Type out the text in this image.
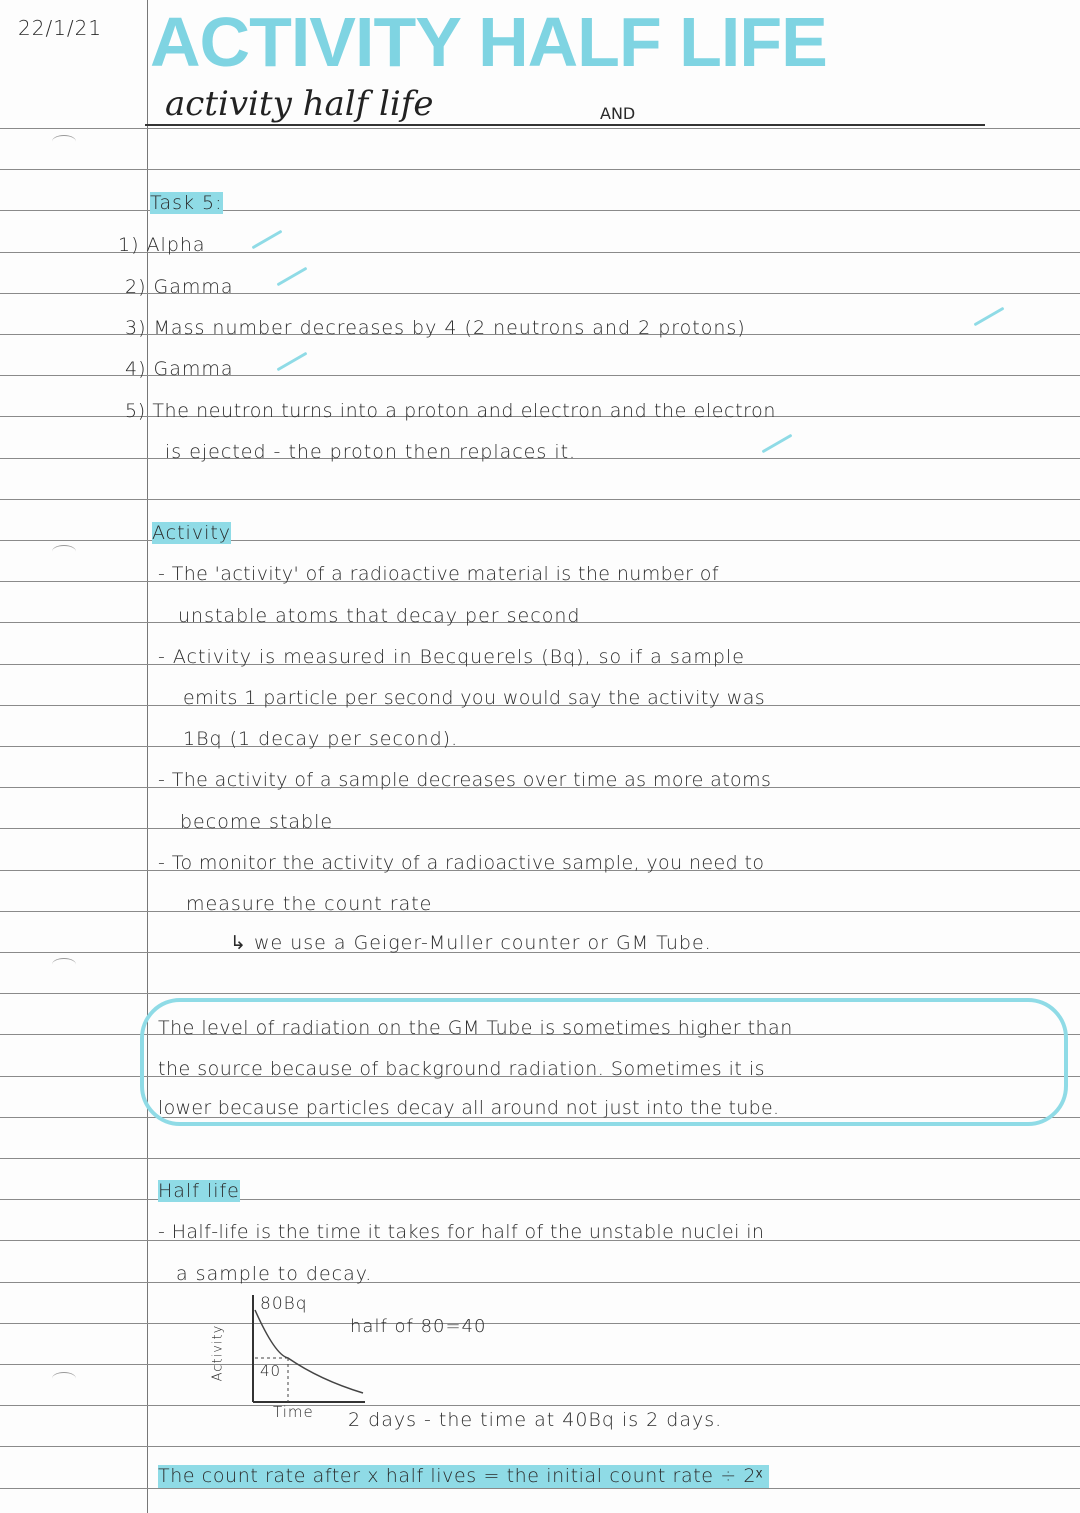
22/1/21 ACTIVITY HALF LIFE
activity half life	AND
Task 5:
1) Alpha
2) Gamma
3) Mass number decreases by 4 (2 neutrons and 2 protons)
4) Gamma
5) The neutron turns into a proton and electron and the electron
is ejected - the proton then replaces it.
Activity
- The 'activity' of a radioactive material is the number of
unstable atoms that decay per second
- Activity is measured in Becquerels (Bq), so if a sample
emits 1 particle per second you would say the activity was
1Bq (1 decay per second).
- The activity of a sample decreases over time as more atoms
become stable
- To monitor the activity of a radioactive sample, you need to
measure the count rate
↳ we use a Geiger-Muller counter or GM Tube.
The level of radiation on the GM Tube is sometimes higher than
the source because of background radiation. Sometimes it is
lower because particles decay all around not just into the tube.
Half life
- Half-life is the time it takes for half of the unstable nuclei in
a sample to decay.
Activity
80Bq
half of 80=40
40
Time 2 days - the time at 40Bq is 2 days.
The count rate after x half lives = the initial count rate ÷ 2ˣ
